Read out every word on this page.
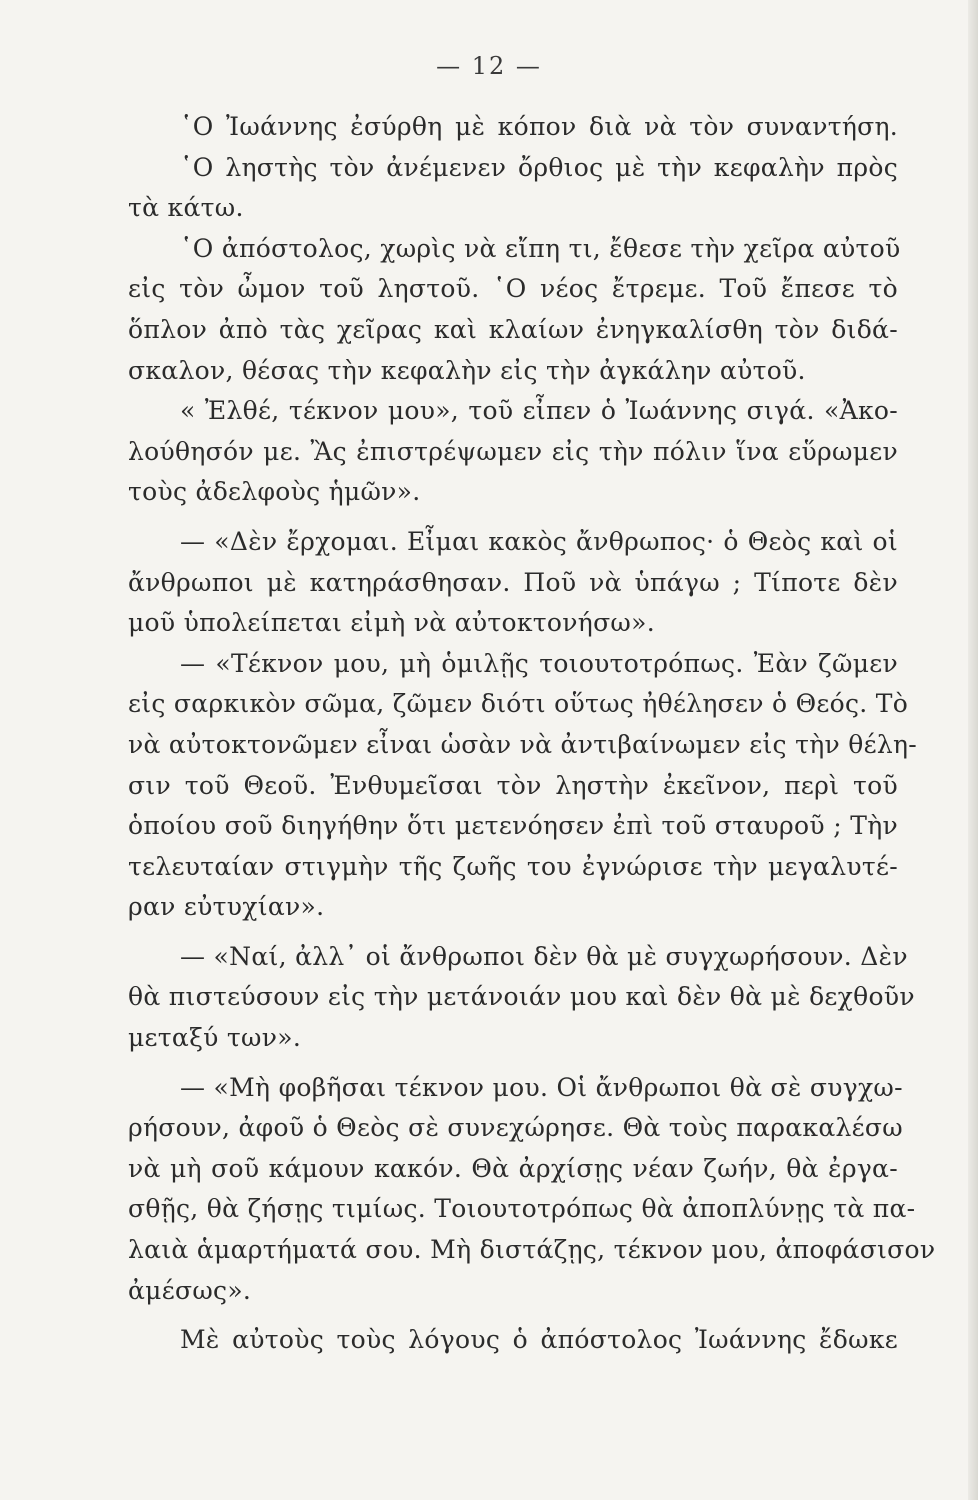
— 12 —
῾Ο Ἰωάννης ἐσύρθη μὲ κόπον διὰ νὰ τὸν συναντήση.
῾Ο ληστὴς τὸν ἀνέμενεν ὄρθιος μὲ τὴν κεφαλὴν πρὸς
τὰ κάτω.
῾Ο ἀπόστολος, χωρὶς νὰ εἴπη τι, ἔθεσε τὴν χεῖρα αὐτοῦ
εἰς τὸν ὦμον τοῦ ληστοῦ. ῾Ο νέος ἔτρεμε. Τοῦ ἔπεσε τὸ
ὅπλον ἀπὸ τὰς χεῖρας καὶ κλαίων ἐνηγκαλίσθη τὸν διδά-
σκαλον, θέσας τὴν κεφαλὴν εἰς τὴν ἀγκάλην αὐτοῦ.
« Ἐλθέ, τέκνον μου», τοῦ εἶπεν ὁ Ἰωάννης σιγά. «Ἀκο-
λούθησόν με. Ἂς ἐπιστρέψωμεν εἰς τὴν πόλιν ἵνα εὕρωμεν
τοὺς ἀδελφοὺς ἡμῶν».
— «Δὲν ἔρχομαι. Εἶμαι κακὸς ἄνθρωπος· ὁ Θεὸς καὶ οἱ
ἄνθρωποι μὲ κατηράσθησαν. Ποῦ νὰ ὑπάγω ; Τίποτε δὲν
μοῦ ὑπολείπεται εἰμὴ νὰ αὐτοκτονήσω».
— «Τέκνον μου, μὴ ὁμιλῇς τοιουτοτρόπως. Ἐὰν ζῶμεν
εἰς σαρκικὸν σῶμα, ζῶμεν διότι οὕτως ἠθέλησεν ὁ Θεός. Τὸ
νὰ αὐτοκτονῶμεν εἶναι ὡσὰν νὰ ἀντιβαίνωμεν εἰς τὴν θέλη-
σιν τοῦ Θεοῦ. Ἐνθυμεῖσαι τὸν ληστὴν ἐκεῖνον, περὶ τοῦ
ὁποίου σοῦ διηγήθην ὅτι μετενόησεν ἐπὶ τοῦ σταυροῦ ; Τὴν
τελευταίαν στιγμὴν τῆς ζωῆς του ἐγνώρισε τὴν μεγαλυτέ-
ραν εὐτυχίαν».
— «Ναί, ἀλλ᾽ οἱ ἄνθρωποι δὲν θὰ μὲ συγχωρήσουν. Δὲν
θὰ πιστεύσουν εἰς τὴν μετάνοιάν μου καὶ δὲν θὰ μὲ δεχθοῦν
μεταξύ των».
— «Μὴ φοβῆσαι τέκνον μου. Οἱ ἄνθρωποι θὰ σὲ συγχω-
ρήσουν, ἀφοῦ ὁ Θεὸς σὲ συνεχώρησε. Θὰ τοὺς παρακαλέσω
νὰ μὴ σοῦ κάμουν κακόν. Θὰ ἀρχίσῃς νέαν ζωήν, θὰ ἐργα-
σθῇς, θὰ ζήσῃς τιμίως. Τοιουτοτρόπως θὰ ἀποπλύνῃς τὰ πα-
λαιὰ ἁμαρτήματά σου. Μὴ διστάζῃς, τέκνον μου, ἀποφάσισον
ἀμέσως».
Μὲ αὐτοὺς τοὺς λόγους ὁ ἀπόστολος Ἰωάννης ἔδωκε
